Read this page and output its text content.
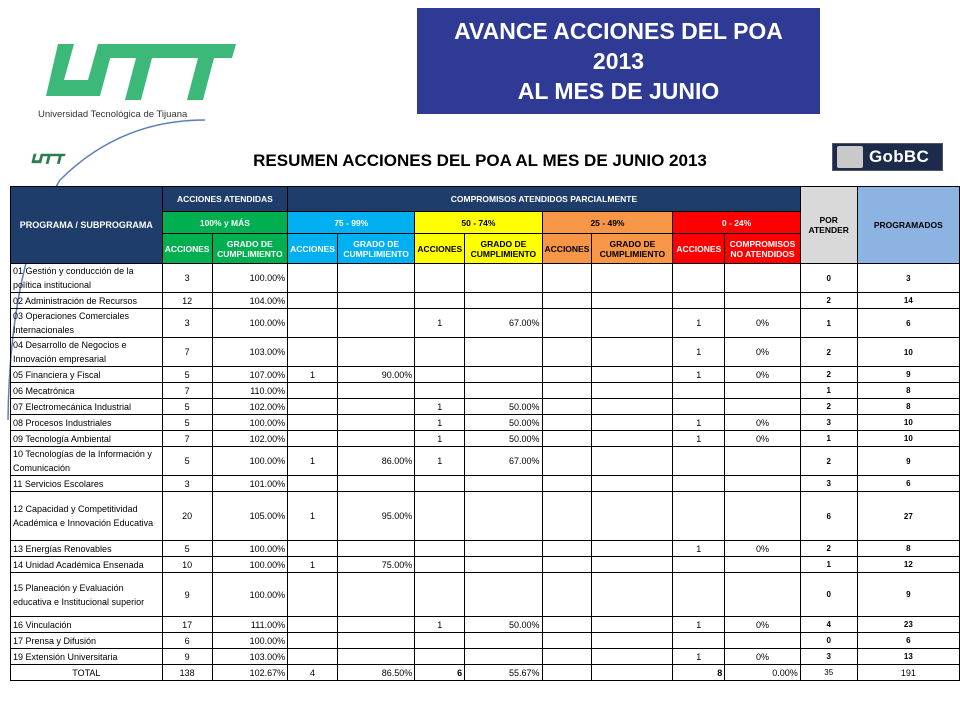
Universidad Tecnológica de Tijuana
AVANCE ACCIONES DEL POA
2013
AL MES DE JUNIO
RESUMEN ACCIONES DEL POA AL MES DE JUNIO 2013	GobBC
PROGRAMA / SUBPROGRAMA	ACCIONES ATENDIDAS		COMPROMISOS ATENDIDOS PARCIALMENTE								POR ATENDER	PROGRAMADOS
	100% y MÁS		75 - 99%		50 - 74%		25 - 49%		0 - 24%			
	ACCIONES	GRADO DE CUMPLIMIENTO	ACCIONES	GRADO DE CUMPLIMIENTO	ACCIONES	GRADO DE CUMPLIMIENTO	ACCIONES	GRADO DE CUMPLIMIENTO	ACCIONES	COMPROMISOS NO ATENDIDOS		
01 Gestión y conducción de la política institucional	3	100.00%									0	3
02 Administración de Recursos	12	104.00%									2	14
03 Operaciones Comerciales Internacionales	3	100.00%			1	67.00%			1	0%	1	6
04 Desarrollo de Negocios e Innovación empresarial	7	103.00%							1	0%	2	10
05 Financiera y Fiscal	5	107.00%	1	90.00%					1	0%	2	9
06 Mecatrónica	7	110.00%									1	8
07 Electromecánica Industrial	5	102.00%			1	50.00%					2	8
08 Procesos Industriales	5	100.00%			1	50.00%			1	0%	3	10
09 Tecnología Ambiental	7	102.00%			1	50.00%			1	0%	1	10
10 Tecnologías de la Información y Comunicación	5	100.00%	1	86.00%	1	67.00%					2	9
11 Servicios Escolares	3	101.00%									3	6
12 Capacidad y Competitividad Académica e Innovación Educativa	20	105.00%	1	95.00%							6	27
13 Energías Renovables	5	100.00%							1	0%	2	8
14 Unidad Académica Ensenada	10	100.00%	1	75.00%							1	12
15 Planeación y Evaluación educativa e Institucional superior	9	100.00%									0	9
16 Vinculación	17	111.00%			1	50.00%			1	0%	4	23
17 Prensa y Difusión	6	100.00%									0	6
19 Extensión Universitaria	9	103.00%							1	0%	3	13
TOTAL	138	102.67%	4	86.50%	6	55.67%			8	0.00%	35	191
